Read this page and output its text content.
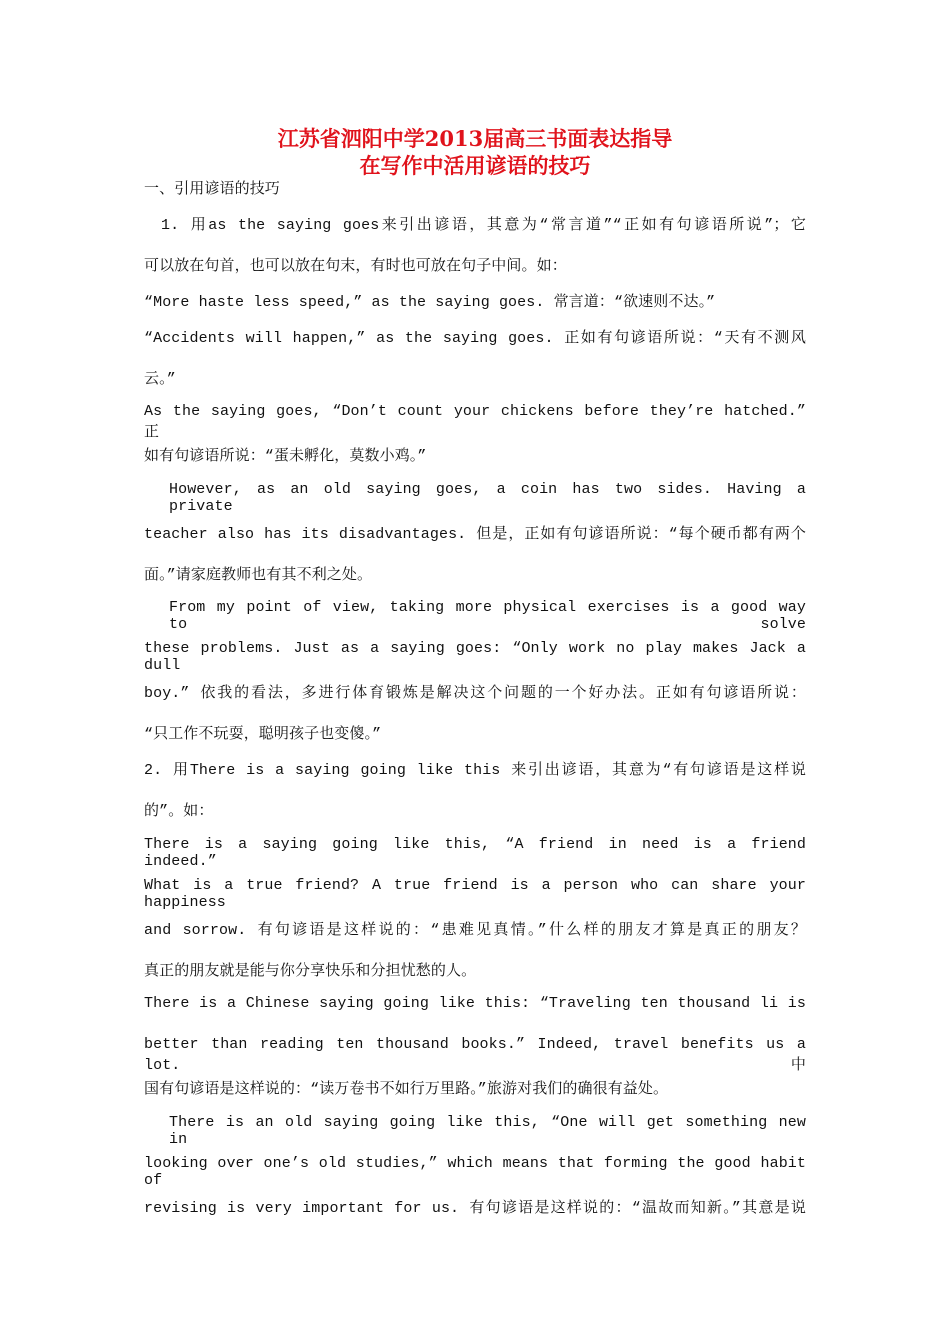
江苏省泗阳中学2013届高三书面表达指导
在写作中活用谚语的技巧
一、引用谚语的技巧
1. 用as the saying goes来引出谚语，其意为“常言道”“正如有句谚语所说”；它
可以放在句首，也可以放在句末，有时也可放在句子中间。如：
“More haste less speed,” as the saying goes. 常言道：“欲速则不达。”
“Accidents will happen,” as the saying goes. 正如有句谚语所说：“天有不测风
云。”
As the saying goes, “Don’t count your chickens before they’re hatched.” 正
如有句谚语所说：“蛋未孵化，莫数小鸡。”
However, as an old saying goes, a coin has two sides. Having a private
teacher also has its disadvantages. 但是，正如有句谚语所说：“每个硬币都有两个
面。”请家庭教师也有其不利之处。
From my point of view, taking more physical exercises is a good way to solve
these problems. Just as a saying goes: “Only work no play makes Jack a dull
boy.” 依我的看法，多进行体育锻炼是解决这个问题的一个好办法。正如有句谚语所说：
“只工作不玩耍，聪明孩子也变傻。”
2. 用There is a saying going like this 来引出谚语，其意为“有句谚语是这样说
的”。如：
There is a saying going like this, “A friend in need is a friend indeed.”
What is a true friend? A true friend is a person who can share your happiness
and sorrow. 有句谚语是这样说的：“患难见真情。”什么样的朋友才算是真正的朋友？
真正的朋友就是能与你分享快乐和分担忧愁的人。
There is a Chinese saying going like this: “Traveling ten thousand li is
better than reading ten thousand books.” Indeed, travel benefits us a lot. 中
国有句谚语是这样说的：“读万卷书不如行万里路。”旅游对我们的确很有益处。
There is an old saying going like this, “One will get something new in
looking over one’s old studies,” which means that forming the good habit of
revising is very important for us. 有句谚语是这样说的：“温故而知新。”其意是说
